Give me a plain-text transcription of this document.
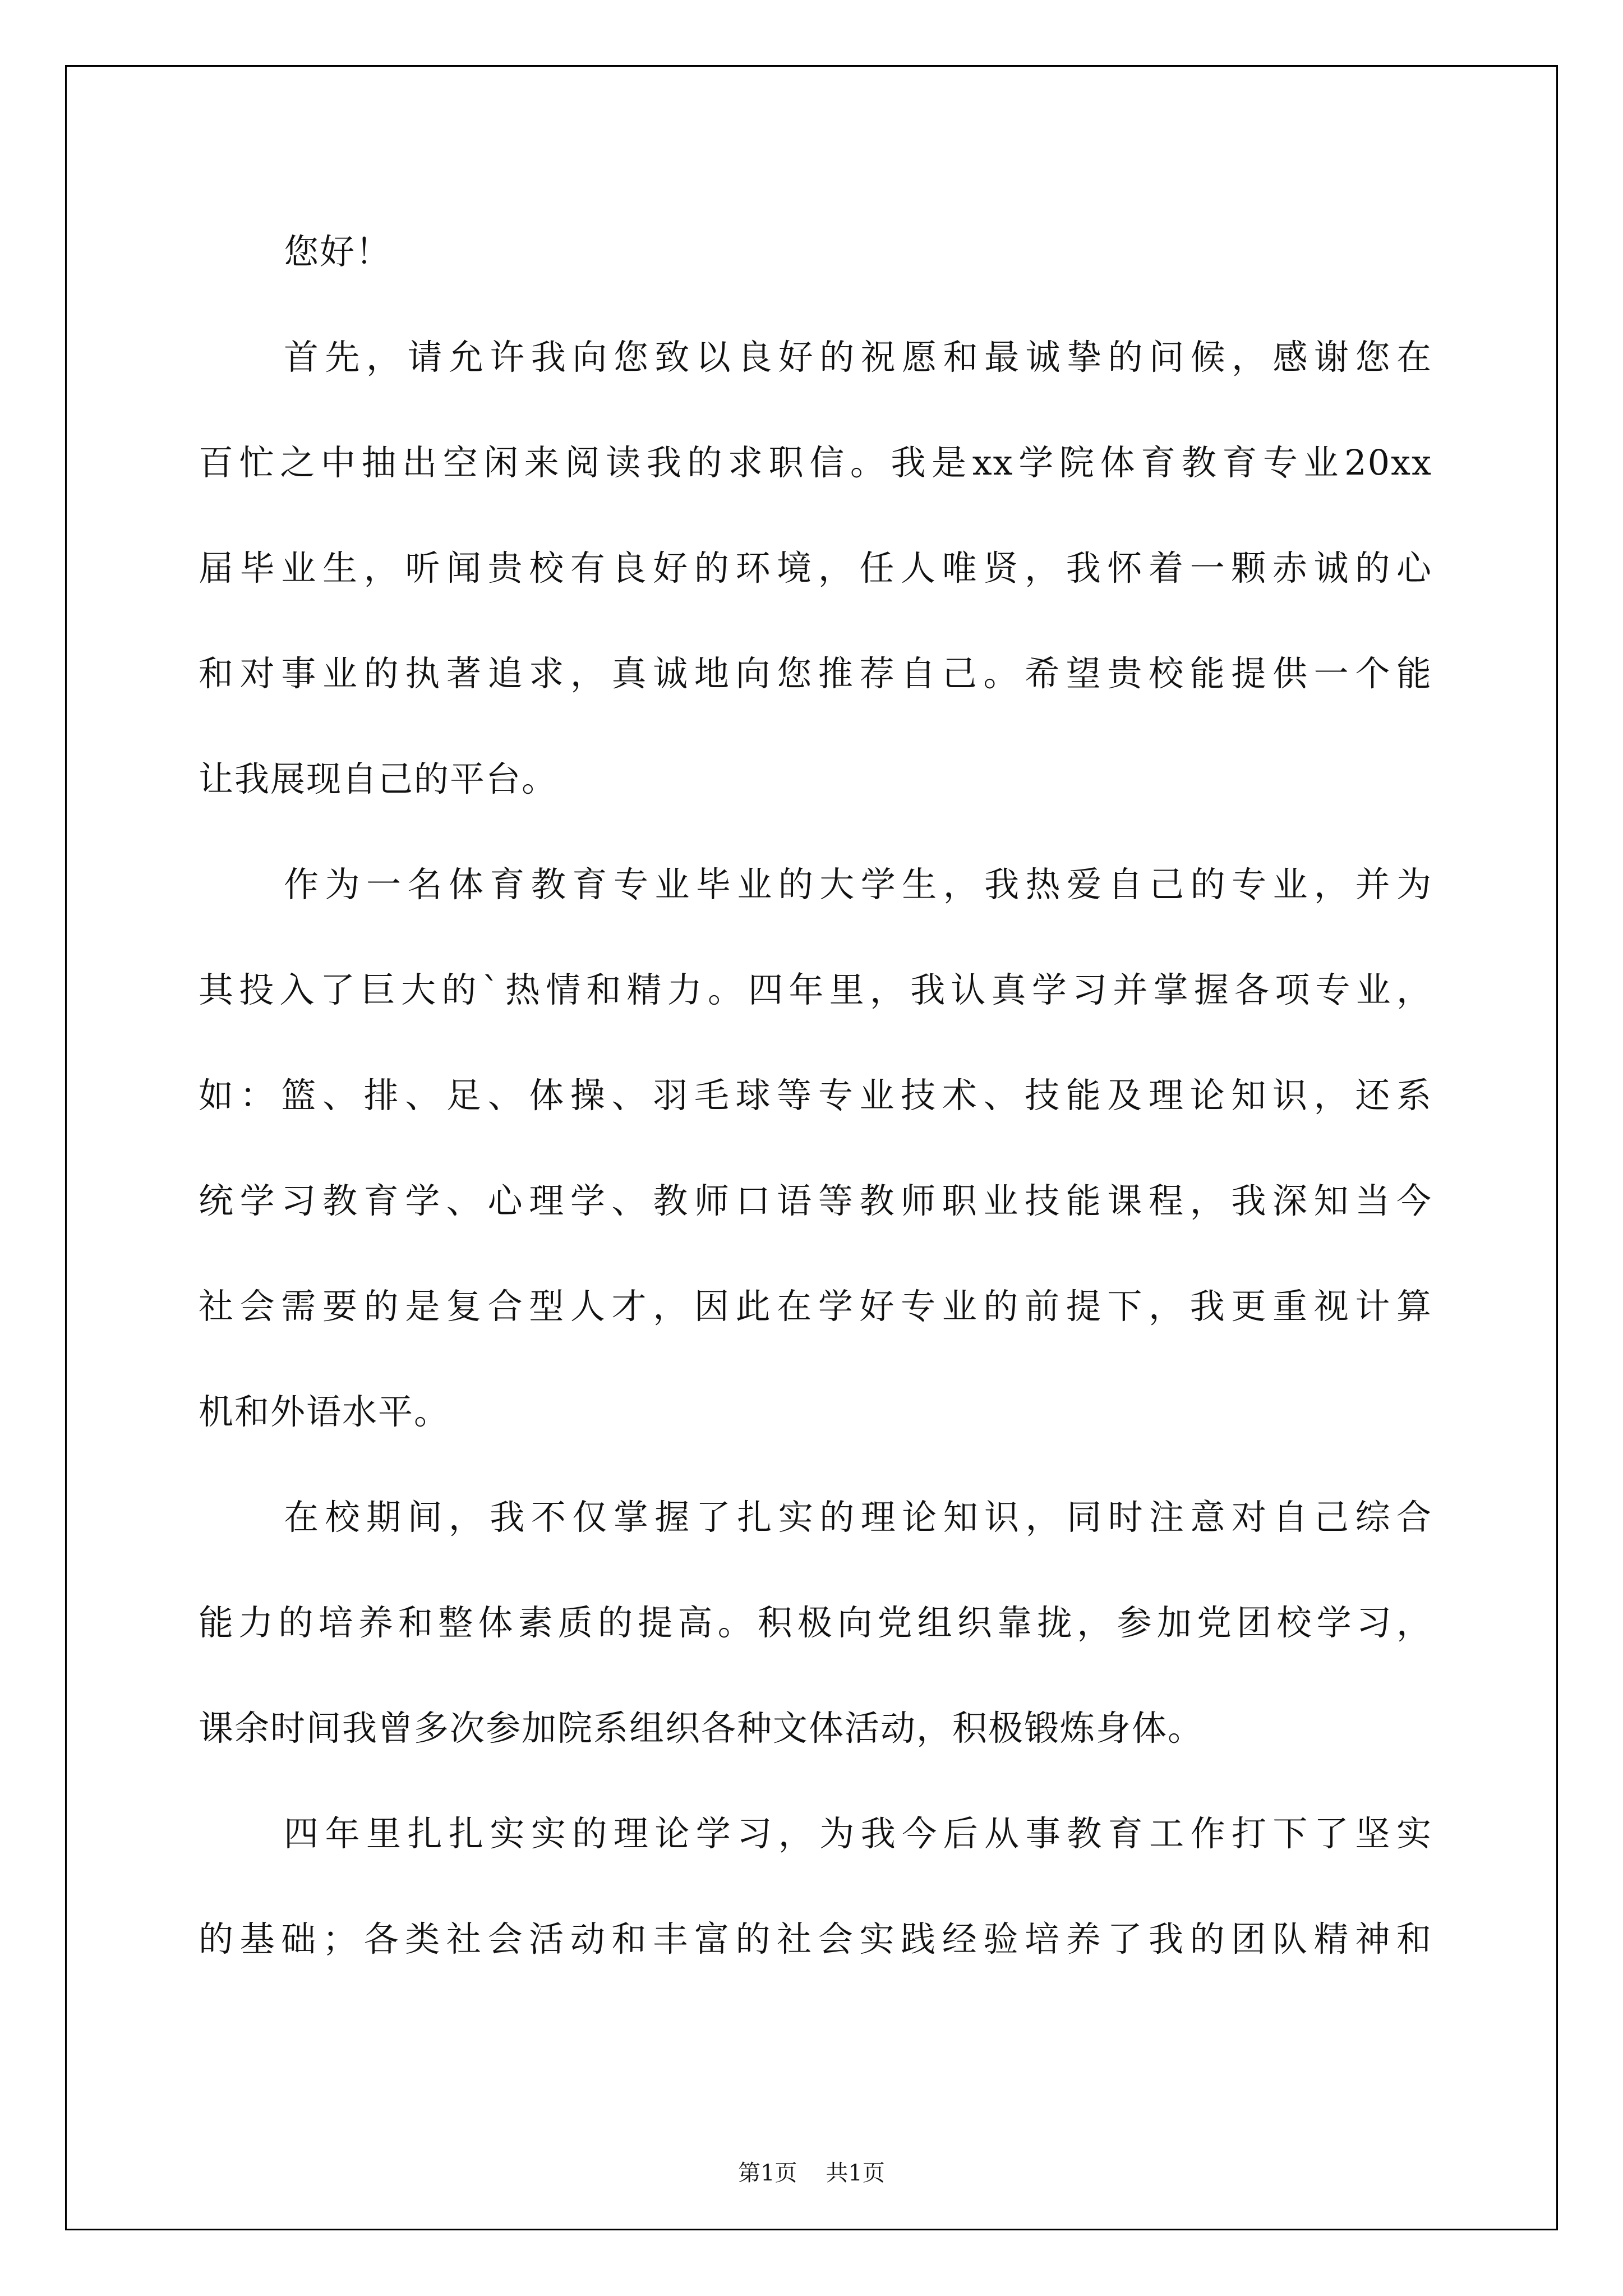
您好！
首先，请允许我向您致以良好的祝愿和最诚挚的问候，感谢您在
百忙之中抽出空闲来阅读我的求职信。我是xx学院体育教育专业20xx
届毕业生，听闻贵校有良好的环境，任人唯贤，我怀着一颗赤诚的心
和对事业的执著追求，真诚地向您推荐自己。希望贵校能提供一个能
让我展现自己的平台。
作为一名体育教育专业毕业的大学生，我热爱自己的专业，并为
其投入了巨大的`热情和精力。四年里，我认真学习并掌握各项专业，
如：篮、排、足、体操、羽毛球等专业技术、技能及理论知识，还系
统学习教育学、心理学、教师口语等教师职业技能课程，我深知当今
社会需要的是复合型人才，因此在学好专业的前提下，我更重视计算
机和外语水平。
在校期间，我不仅掌握了扎实的理论知识，同时注意对自己综合
能力的培养和整体素质的提高。积极向党组织靠拢，参加党团校学习，
课余时间我曾多次参加院系组织各种文体活动，积极锻炼身体。
四年里扎扎实实的理论学习，为我今后从事教育工作打下了坚实
的基础；各类社会活动和丰富的社会实践经验培养了我的团队精神和
第1页    共1页
